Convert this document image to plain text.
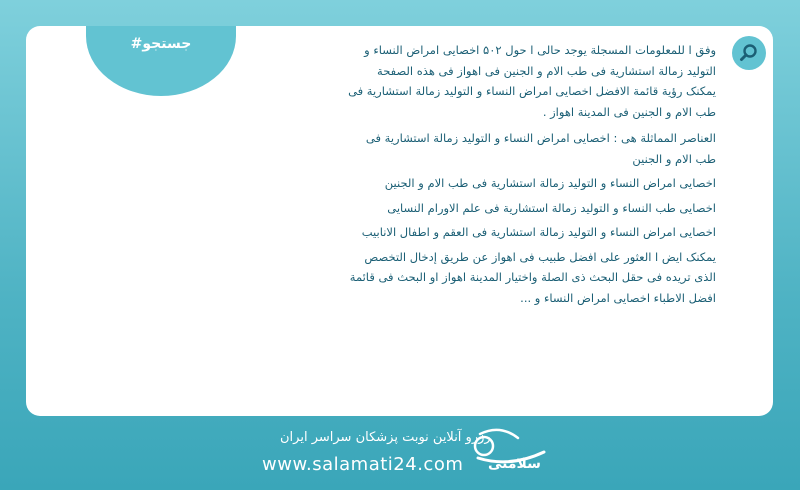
#جستجو	وفق ا للمعلومات المسجلة يوجد حالی ا حول ۵۰۲ اخصایی امراض النساء و التولید زمالة استشاریة فی طب الام و الجنین فی اهواز فی هذه الصفحة یمکنک رؤیة قائمة الافضل اخصایی امراض النساء و التولید زمالة استشاریة فی طب الام و الجنین فی المدینة اهواز .

العناصر المماثلة هی : اخصایی امراض النساء و التولید زمالة استشاریة فی طب الام و الجنین

اخصایی امراض النساء و التولید زمالة استشاریة فی طب الام و الجنین

اخصایی طب النساء و التولید زمالة استشاریة فی علم الاورام النسایی

اخصایی امراض النساء و التولید زمالة استشاریة فی العقم و اطفال الانابیب

یمکنک ایض ا العثور علی افضل طبیب فی اهواز عن طریق إدخال التخصص الذی تریده فی حقل البحث ذی الصلة واختیار المدینة اهواز او البحث فی قائمة افضل الاطباء اخصایی امراض النساء و ...

رزرو آنلاین نوبت پزشکان سراسر ایران
www.salamati24.com سلامتی
